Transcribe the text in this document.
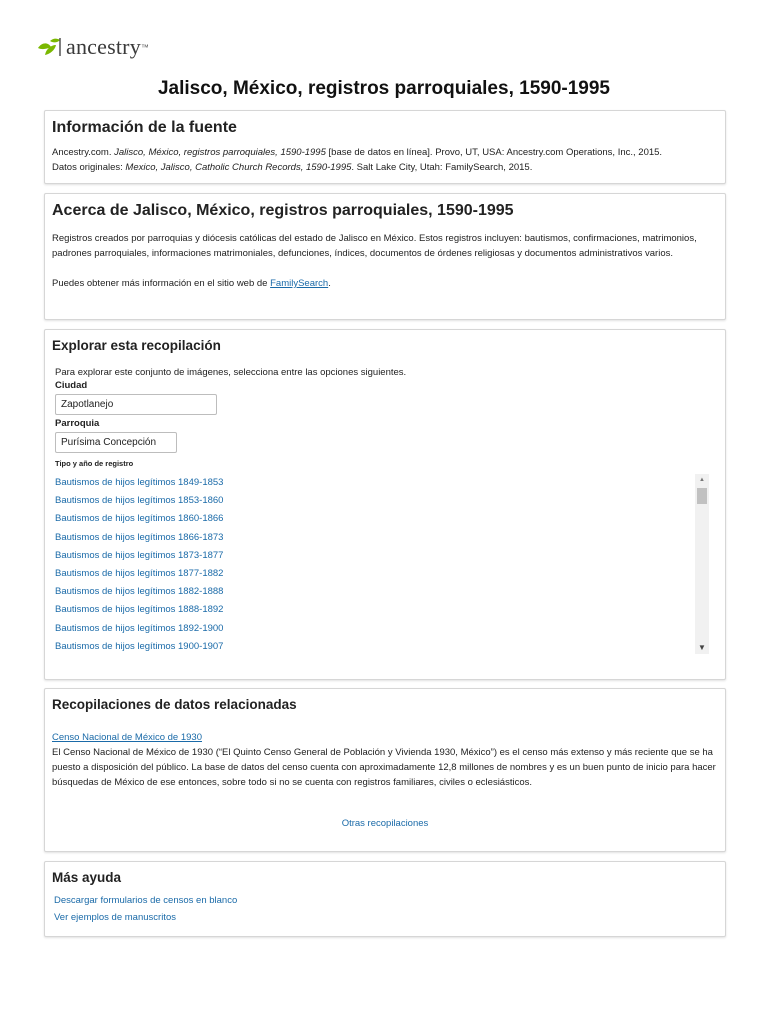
ancestry ™
Jalisco, México, registros parroquiales, 1590-1995
Información de la fuente
Ancestry.com. Jalisco, México, registros parroquiales, 1590-1995 [base de datos en línea]. Provo, UT, USA: Ancestry.com Operations, Inc., 2015.
Datos originales: Mexico, Jalisco, Catholic Church Records, 1590-1995. Salt Lake City, Utah: FamilySearch, 2015.
Acerca de Jalisco, México, registros parroquiales, 1590-1995
Registros creados por parroquias y diócesis católicas del estado de Jalisco en México. Estos registros incluyen: bautismos, confirmaciones, matrimonios, padrones parroquiales, informaciones matrimoniales, defunciones, índices, documentos de órdenes religiosas y documentos administrativos varios.
Puedes obtener más información en el sitio web de FamilySearch.
Explorar esta recopilación
Para explorar este conjunto de imágenes, selecciona entre las opciones siguientes.
Ciudad
Zapotlanejo
Parroquia
Purísima Concepción
Tipo y año de registro
Bautismos de hijos legítimos 1849-1853
Bautismos de hijos legítimos 1853-1860
Bautismos de hijos legítimos 1860-1866
Bautismos de hijos legítimos 1866-1873
Bautismos de hijos legítimos 1873-1877
Bautismos de hijos legítimos 1877-1882
Bautismos de hijos legítimos 1882-1888
Bautismos de hijos legítimos 1888-1892
Bautismos de hijos legítimos 1892-1900
Bautismos de hijos legítimos 1900-1907
▲
▼
Recopilaciones de datos relacionadas
Censo Nacional de México de 1930
El Censo Nacional de México de 1930 (“El Quinto Censo General de Población y Vivienda 1930, México”) es el censo más extenso y más reciente que se ha puesto a disposición del público. La base de datos del censo cuenta con aproximadamente 12,8 millones de nombres y es un buen punto de inicio para hacer búsquedas de México de ese entonces, sobre todo si no se cuenta con registros familiares, civiles o eclesiásticos.
Otras recopilaciones
Más ayuda
Descargar formularios de censos en blanco
Ver ejemplos de manuscritos
